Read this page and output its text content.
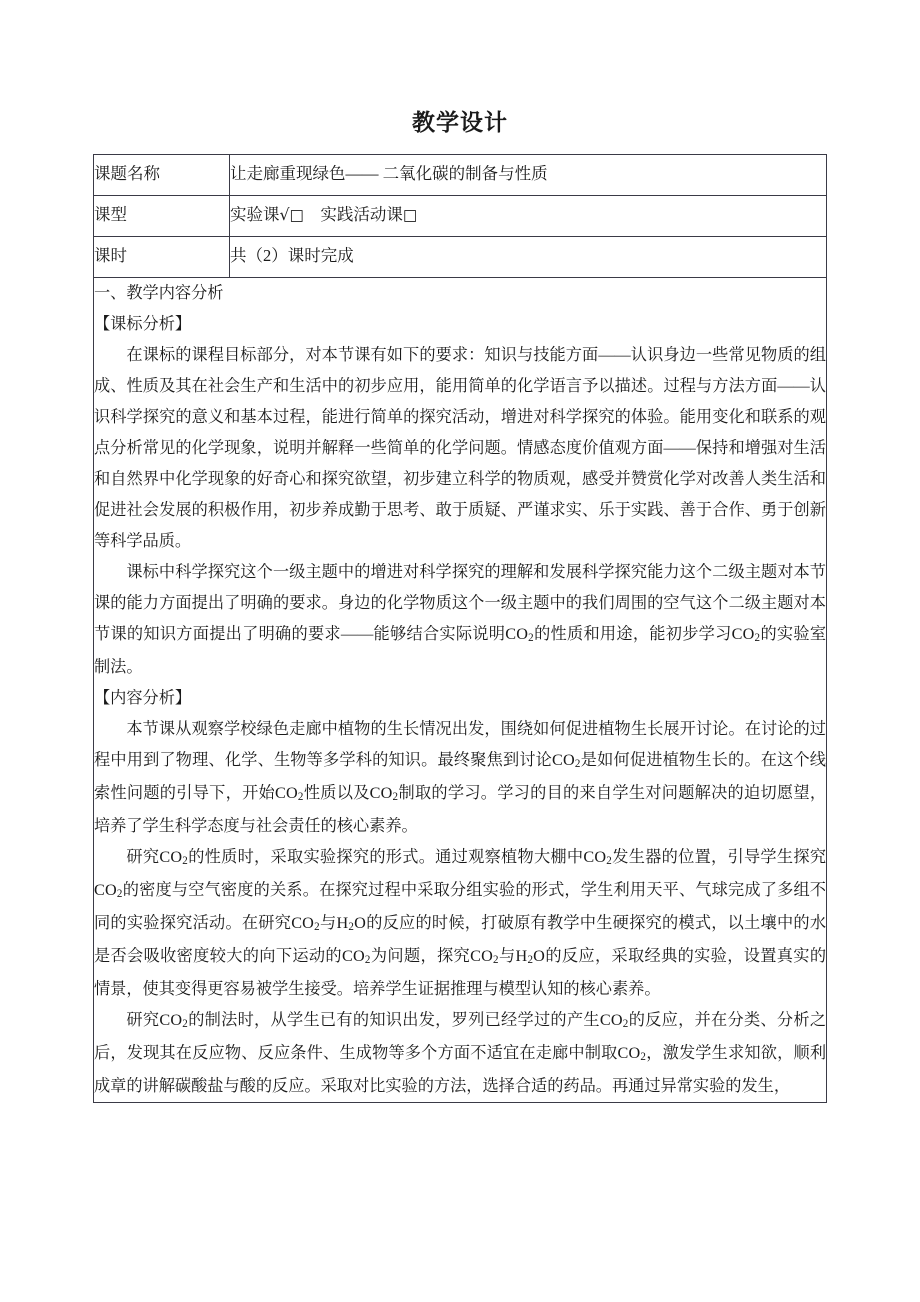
教学设计
课题名称	让走廊重现绿色—— 二氧化碳的制备与性质
课型	实验课√□　 实践活动课□
课时	共（2）课时完成

一、教学内容分析

【课标分析】

在课标的课程目标部分，对本节课有如下的要求：知识与技能方面——认识身边一些常见物质的组成、性质及其在社会生产和生活中的初步应用，能用简单的化学语言予以描述。过程与方法方面——认识科学探究的意义和基本过程，能进行简单的探究活动，增进对科学探究的体验。能用变化和联系的观点分析常见的化学现象，说明并解释一些简单的化学问题。情感态度价值观方面——保持和增强对生活和自然界中化学现象的好奇心和探究欲望，初步建立科学的物质观，感受并赞赏化学对改善人类生活和促进社会发展的积极作用，初步养成勤于思考、敢于质疑、严谨求实、乐于实践、善于合作、勇于创新等科学品质。

课标中科学探究这个一级主题中的增进对科学探究的理解和发展科学探究能力这个二级主题对本节课的能力方面提出了明确的要求。身边的化学物质这个一级主题中的我们周围的空气这个二级主题对本节课的知识方面提出了明确的要求——能够结合实际说明$CO_2$的性质和用途，能初步学习$CO_2$的实验室制法。

【内容分析】

本节课从观察学校绿色走廊中植物的生长情况出发，围绕如何促进植物生长展开讨论。在讨论的过程中用到了物理、化学、生物等多学科的知识。最终聚焦到讨论$CO_2$是如何促进植物生长的。在这个线索性问题的引导下，开始$CO_2$性质以及$CO_2$制取的学习。学习的目的来自学生对问题解决的迫切愿望，培养了学生科学态度与社会责任的核心素养。

研究$CO_2$的性质时，采取实验探究的形式。通过观察植物大棚中$CO_2$发生器的位置，引导学生探究$CO_2$的密度与空气密度的关系。在探究过程中采取分组实验的形式，学生利用天平、气球完成了多组不同的实验探究活动。在研究$CO_2$与$H_2O$的反应的时候，打破原有教学中生硬探究的模式，以土壤中的水是否会吸收密度较大的向下运动的$CO_2$为问题，探究$CO_2$与$H_2O$的反应，采取经典的实验，设置真实的情景，使其变得更容易被学生接受。培养学生证据推理与模型认知的核心素养。

研究$CO_2$的制法时，从学生已有的知识出发，罗列已经学过的产生$CO_2$的反应，并在分类、分析之后，发现其在反应物、反应条件、生成物等多个方面不适宜在走廊中制取$CO_2$，激发学生求知欲，顺利成章的讲解碳酸盐与酸的反应。采取对比实验的方法，选择合适的药品。再通过异常实验的发生，
